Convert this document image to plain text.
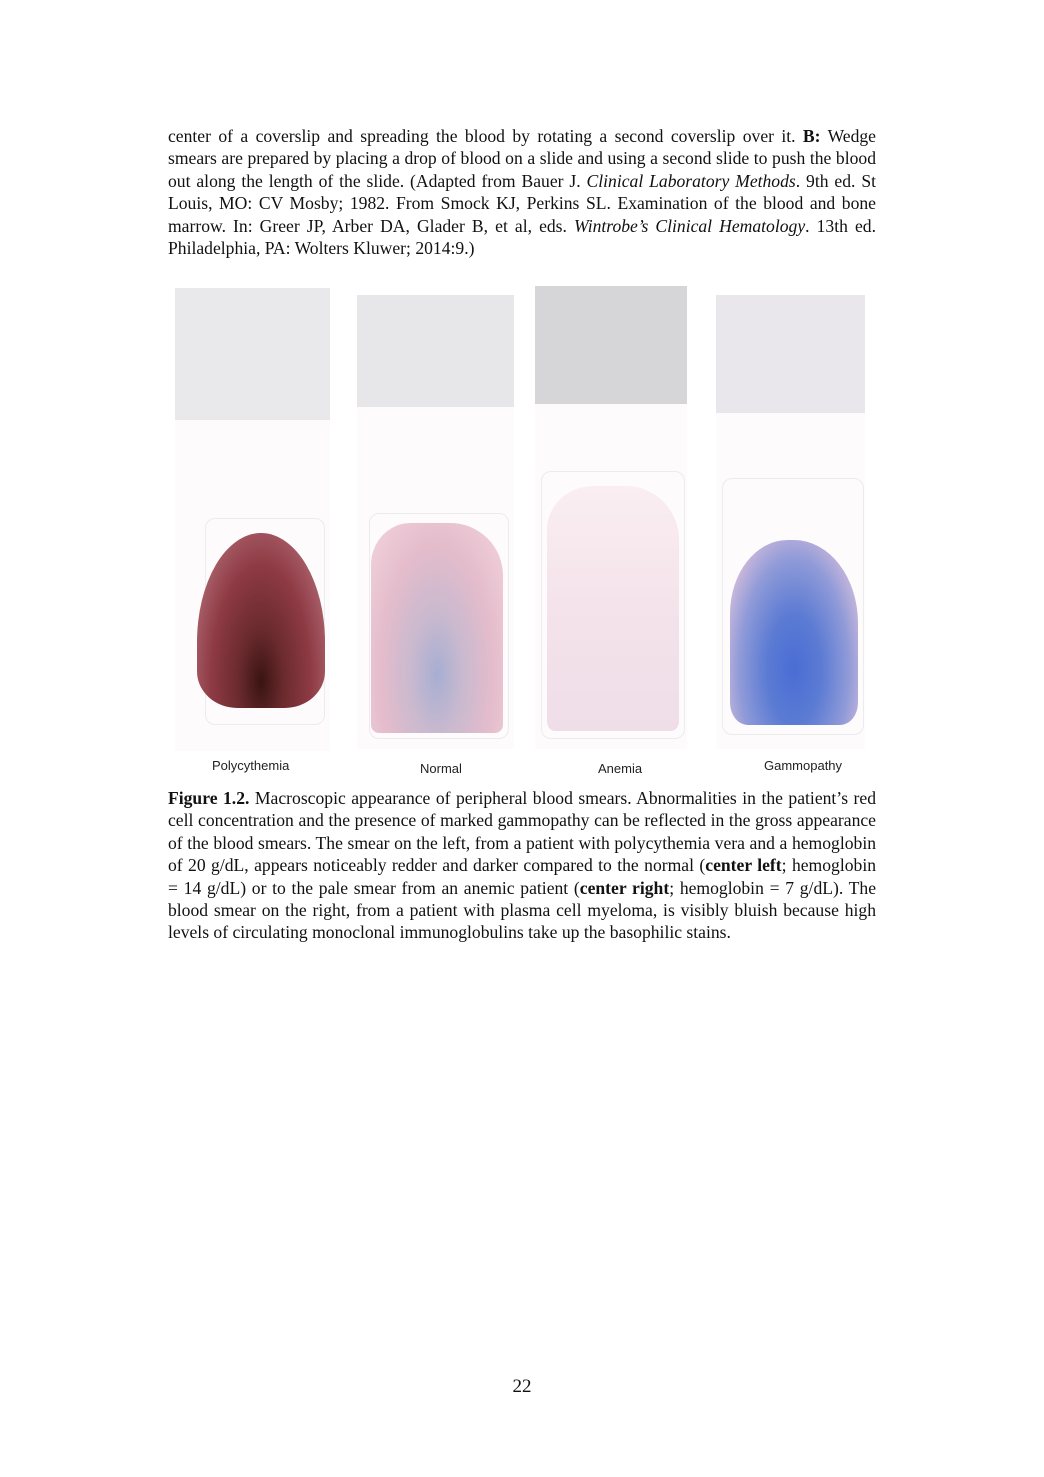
center of a coverslip and spreading the blood by rotating a second coverslip over it. B: Wedge smears are prepared by placing a drop of blood on a slide and using a second slide to push the blood out along the length of the slide. (Adapted from Bauer J. Clinical Laboratory Methods. 9th ed. St Louis, MO: CV Mosby; 1982. From Smock KJ, Perkins SL. Examination of the blood and bone marrow. In: Greer JP, Arber DA, Glader B, et al, eds. Wintrobe’s Clinical Hematology. 13th ed. Philadelphia, PA: Wolters Kluwer; 2014:9.)

Polycythemia	Normal	Anemia	Gammopathy

Figure 1.2. Macroscopic appearance of peripheral blood smears. Abnormalities in the patient’s red cell concentration and the presence of marked gammopathy can be reflected in the gross appearance of the blood smears. The smear on the left, from a patient with polycythemia vera and a hemoglobin of 20 g/dL, appears noticeably redder and darker compared to the normal (center left; hemoglobin = 14 g/dL) or to the pale smear from an anemic patient (center right; hemoglobin = 7 g/dL). The blood smear on the right, from a patient with plasma cell myeloma, is visibly bluish because high levels of circulating monoclonal immunoglobulins take up the basophilic stains.

22
